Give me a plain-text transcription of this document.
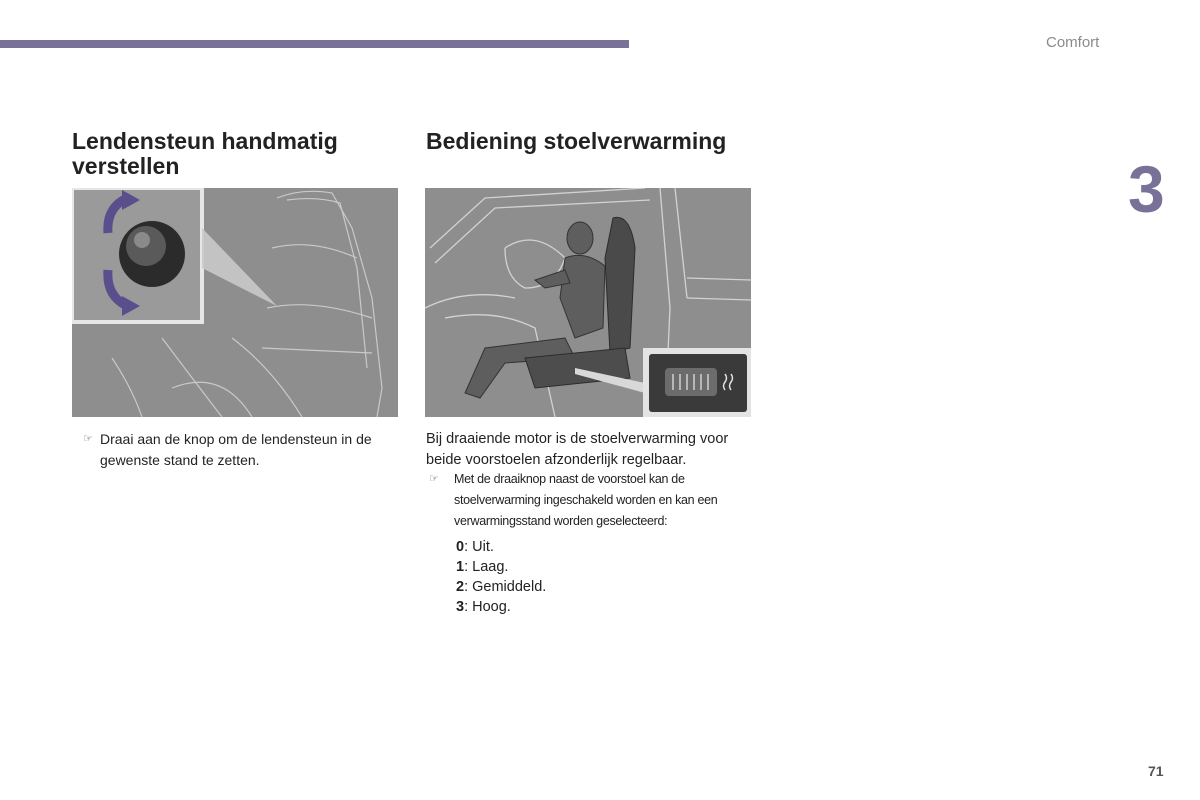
Comfort
3
Lendensteun handmatig verstellen
☞ Draai aan de knop om de lendensteun in de gewenste stand te zetten.
Bediening stoelverwarming
Bij draaiende motor is de stoelverwarming voor beide voorstoelen afzonderlijk regelbaar.
☞ Met de draaiknop naast de voorstoel kan de stoelverwarming ingeschakeld worden en kan een verwarmingsstand worden geselecteerd:
0: Uit.
1: Laag.
2: Gemiddeld.
3: Hoog.
71
